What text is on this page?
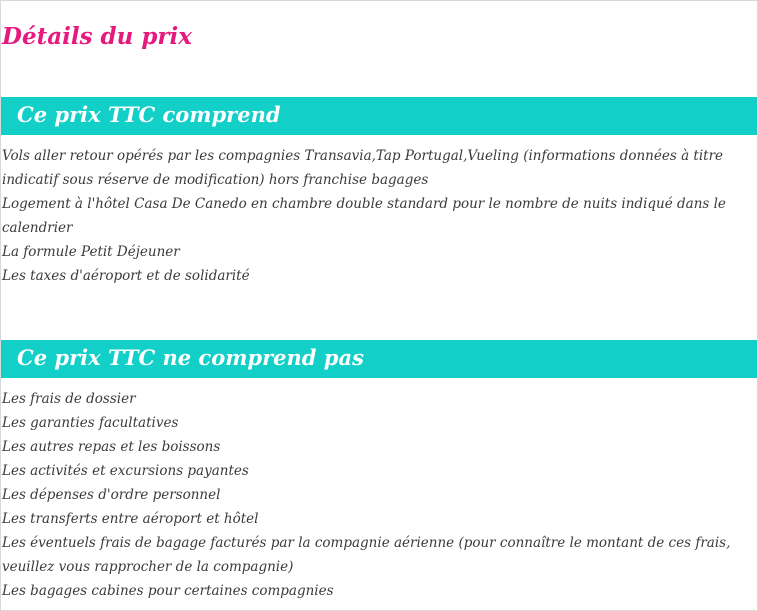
Détails du prix
Ce prix TTC comprend

Vols aller retour opérés par les compagnies Transavia,Tap Portugal,Vueling (informations données à titre indicatif sous réserve de modification) hors franchise bagages

Logement à l'hôtel Casa De Canedo en chambre double standard pour le nombre de nuits indiqué dans le calendrier

La formule Petit Déjeuner

Les taxes d'aéroport et de solidarité

Ce prix TTC ne comprend pas

Les frais de dossier

Les garanties facultatives

Les autres repas et les boissons

Les activités et excursions payantes

Les dépenses d'ordre personnel

Les transferts entre aéroport et hôtel

Les éventuels frais de bagage facturés par la compagnie aérienne (pour connaître le montant de ces frais, veuillez vous rapprocher de la compagnie)

Les bagages cabines pour certaines compagnies
